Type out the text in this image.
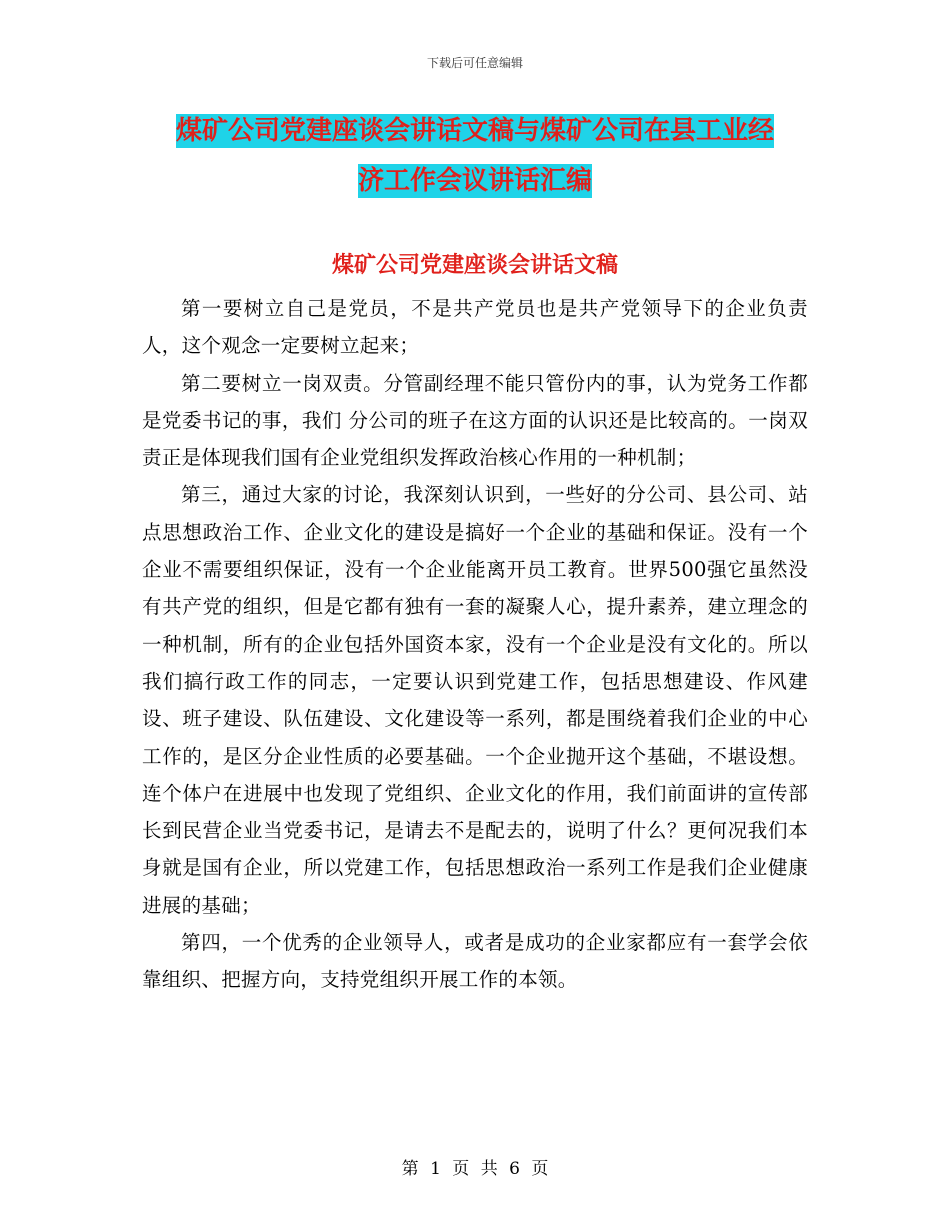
下载后可任意编辑
煤矿公司党建座谈会讲话文稿与煤矿公司在县工业经
济工作会议讲话汇编
煤矿公司党建座谈会讲话文稿

第一要树立自己是党员，不是共产党员也是共产党领导下的企业负责人，这个观念一定要树立起来；

第二要树立一岗双责。分管副经理不能只管份内的事，认为党务工作都是党委书记的事，我们 分公司的班子在这方面的认识还是比较高的。一岗双责正是体现我们国有企业党组织发挥政治核心作用的一种机制；

第三，通过大家的讨论，我深刻认识到，一些好的分公司、县公司、站点思想政治工作、企业文化的建设是搞好一个企业的基础和保证。没有一个企业不需要组织保证，没有一个企业能离开员工教育。世界500强它虽然没有共产党的组织，但是它都有独有一套的凝聚人心，提升素养，建立理念的一种机制，所有的企业包括外国资本家，没有一个企业是没有文化的。所以我们搞行政工作的同志，一定要认识到党建工作，包括思想建设、作风建设、班子建设、队伍建设、文化建设等一系列，都是围绕着我们企业的中心工作的，是区分企业性质的必要基础。一个企业抛开这个基础，不堪设想。连个体户在进展中也发现了党组织、企业文化的作用，我们前面讲的宣传部长到民营企业当党委书记，是请去不是配去的，说明了什么？更何况我们本身就是国有企业，所以党建工作，包括思想政治一系列工作是我们企业健康进展的基础；

第四，一个优秀的企业领导人，或者是成功的企业家都应有一套学会依靠组织、把握方向，支持党组织开展工作的本领。

第 1 页 共 6 页
